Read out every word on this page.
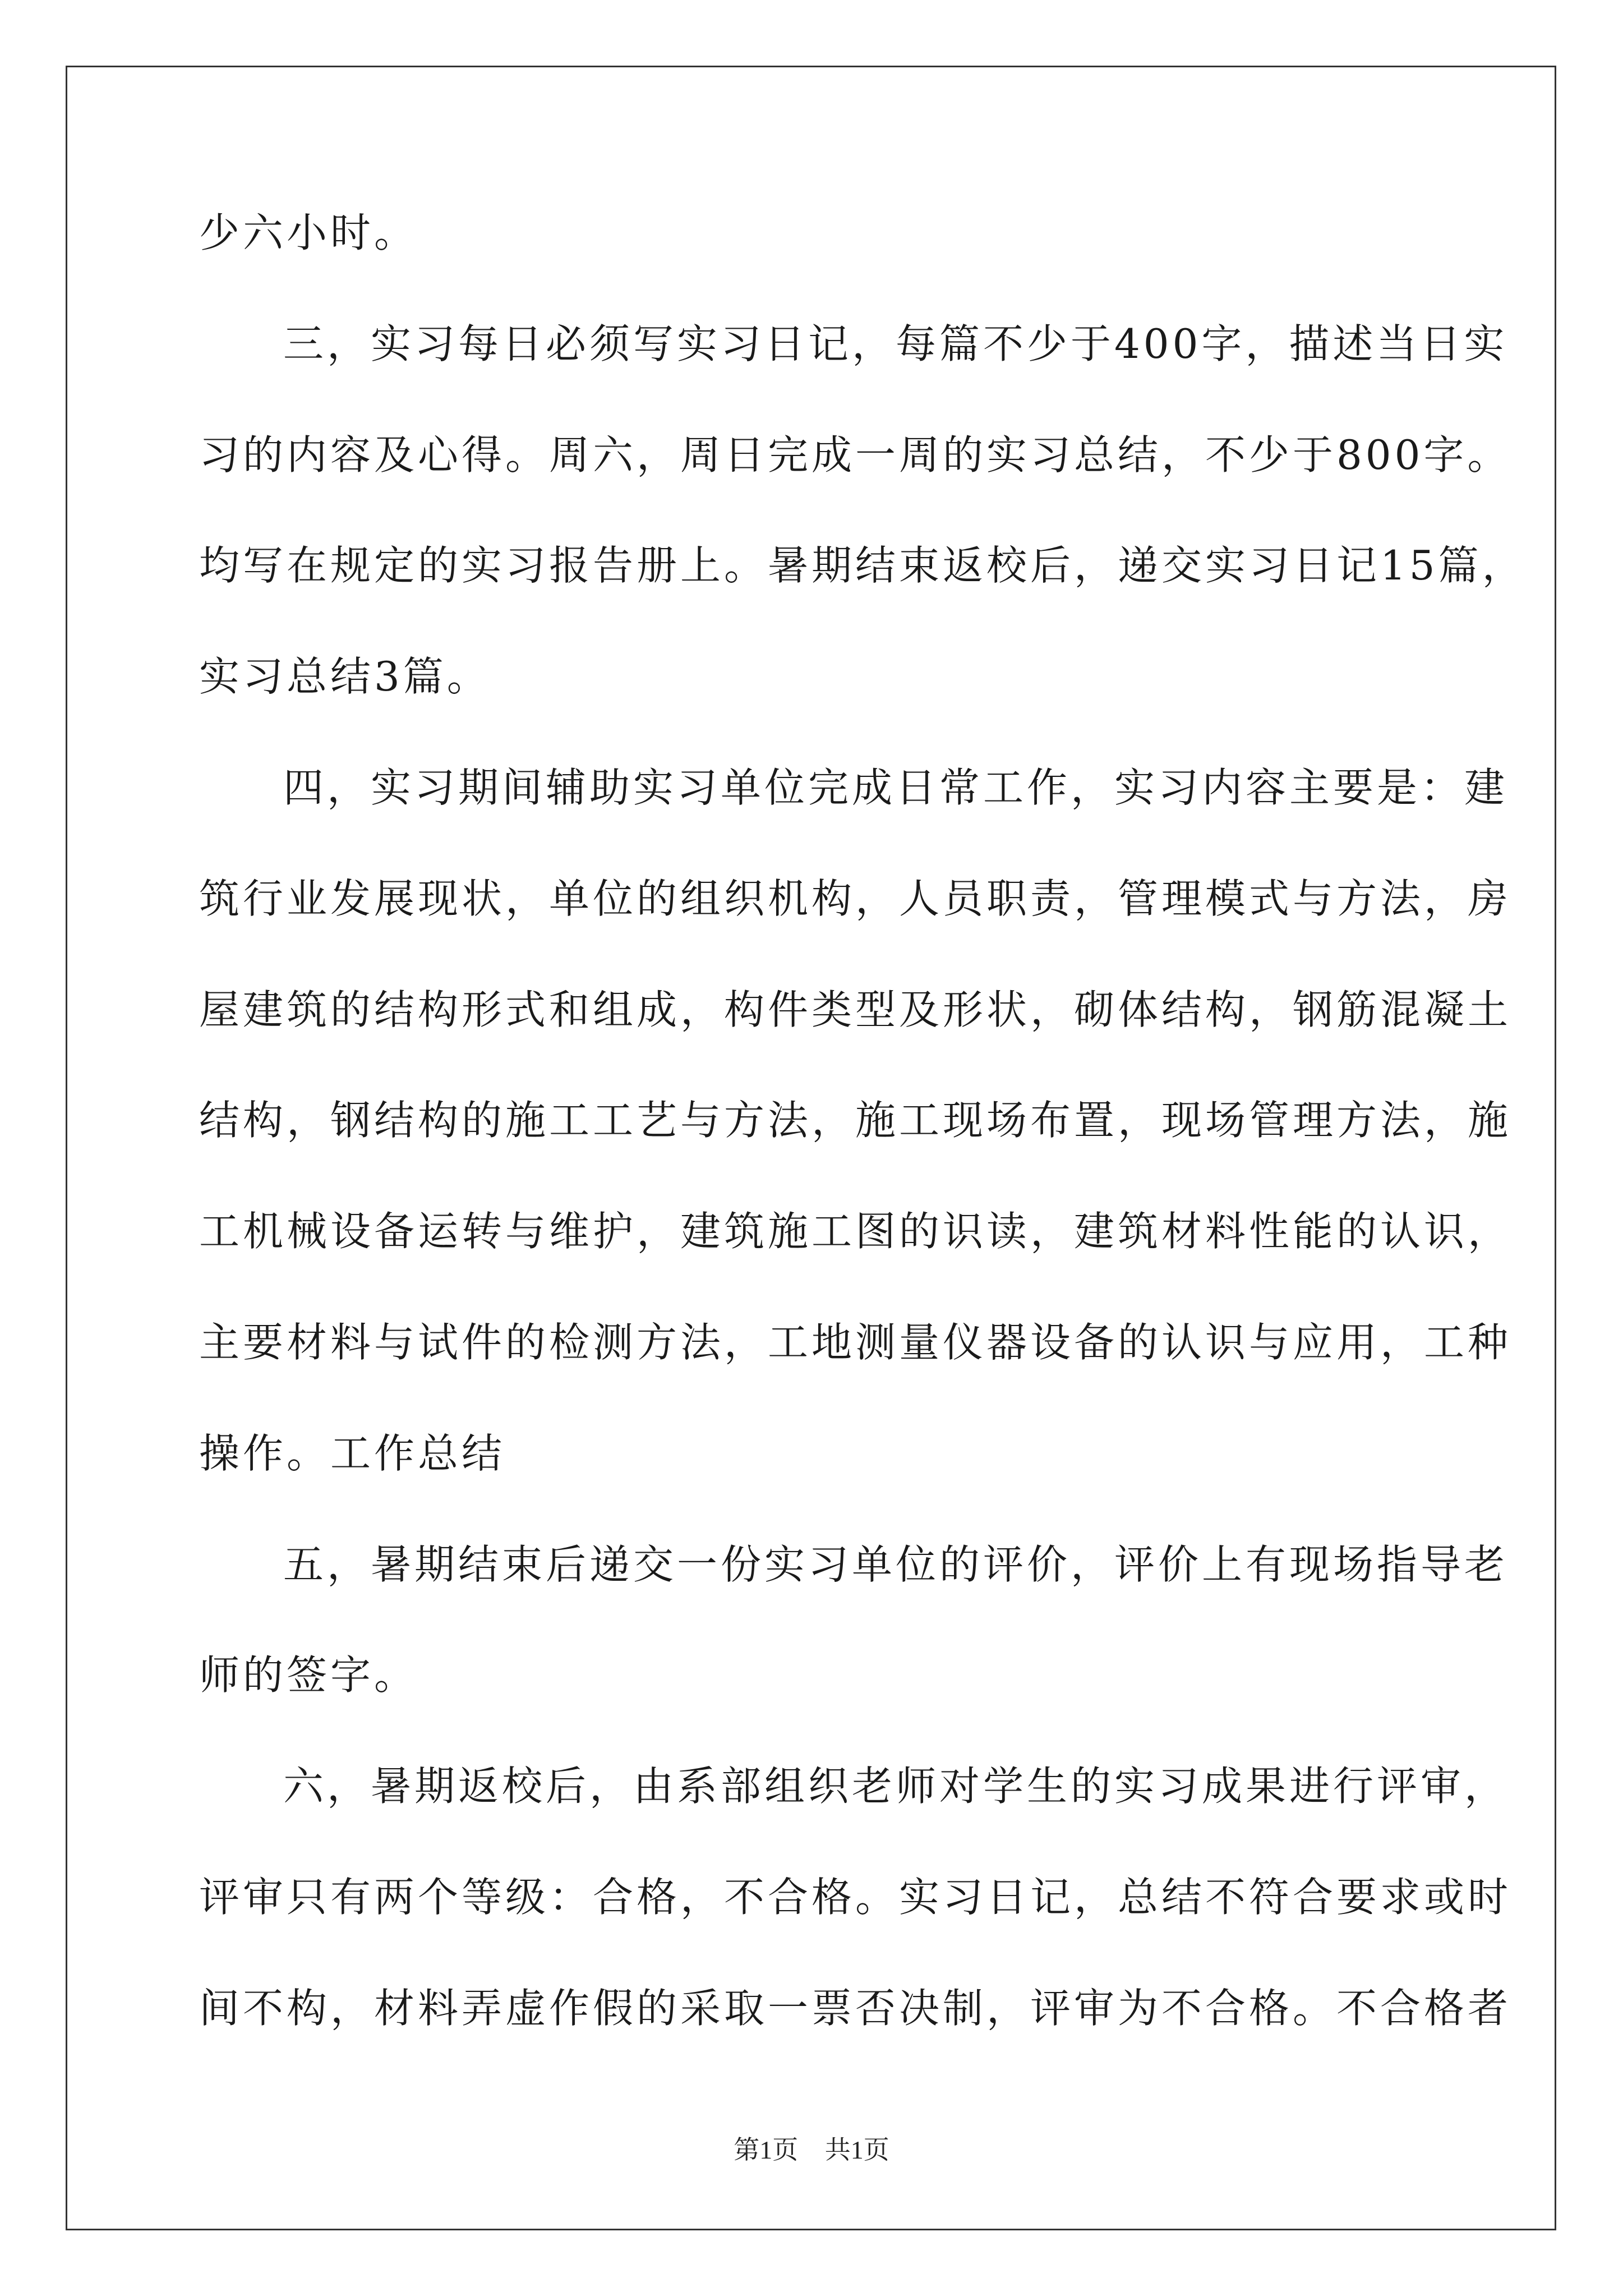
少六小时。
三，实习每日必须写实习日记，每篇不少于400字，描述当日实
习的内容及心得。周六，周日完成一周的实习总结，不少于800字。
均写在规定的实习报告册上。暑期结束返校后，递交实习日记15篇，
实习总结3篇。
四，实习期间辅助实习单位完成日常工作，实习内容主要是：建
筑行业发展现状，单位的组织机构，人员职责，管理模式与方法，房
屋建筑的结构形式和组成，构件类型及形状，砌体结构，钢筋混凝土
结构，钢结构的施工工艺与方法，施工现场布置，现场管理方法，施
工机械设备运转与维护，建筑施工图的识读，建筑材料性能的认识，
主要材料与试件的检测方法，工地测量仪器设备的认识与应用，工种
操作。工作总结
五，暑期结束后递交一份实习单位的评价，评价上有现场指导老
师的签字。
六，暑期返校后，由系部组织老师对学生的实习成果进行评审，
评审只有两个等级：合格，不合格。实习日记，总结不符合要求或时
间不构，材料弄虚作假的采取一票否决制，评审为不合格。不合格者
第1页 共1页
